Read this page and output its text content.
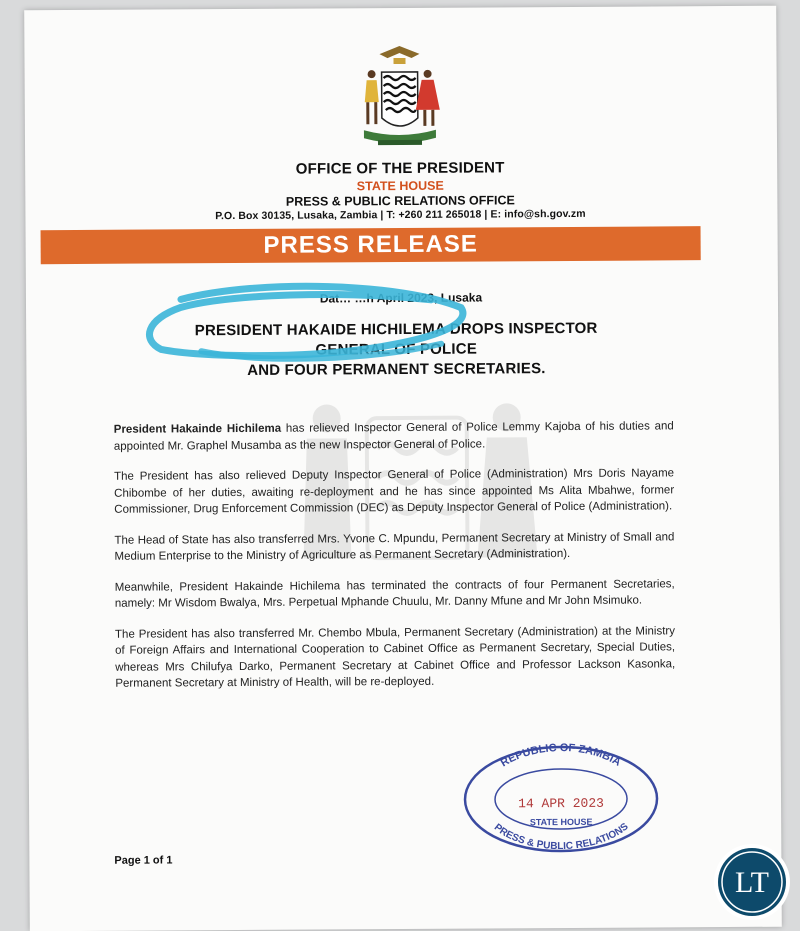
OFFICE OF THE PRESIDENT
STATE HOUSE
PRESS & PUBLIC RELATIONS OFFICE
P.O. Box 30135, Lusaka, Zambia | T: +260 211 265018 | E: info@sh.gov.zm
PRESS RELEASE
Dat… …h April 2023, Lusaka
PRESIDENT HAKAIDE HICHILEMA DROPS INSPECTOR
GENERAL OF POLICE
AND FOUR PERMANENT SECRETARIES.

President Hakainde Hichilema has relieved Inspector General of Police Lemmy Kajoba of his duties and appointed Mr. Graphel Musamba as the new Inspector General of Police.

The President has also relieved Deputy Inspector General of Police (Administration) Mrs Doris Nayame Chibombe of her duties, awaiting re-deployment and he has since appointed Ms Alita Mbahwe, former Commissioner, Drug Enforcement Commission (DEC) as Deputy Inspector General of Police (Administration).

The Head of State has also transferred Mrs. Yvone C. Mpundu, Permanent Secretary at Ministry of Small and Medium Enterprise to the Ministry of Agriculture as Permanent Secretary (Administration).

Meanwhile, President Hakainde Hichilema has terminated the contracts of four Permanent Secretaries, namely: Mr Wisdom Bwalya, Mrs. Perpetual Mphande Chuulu, Mr. Danny Mfune and Mr John Msimuko.

The President has also transferred Mr. Chembo Mbula, Permanent Secretary (Administration) at the Ministry of Foreign Affairs and International Cooperation to Cabinet Office as Permanent Secretary, Special Duties, whereas Mrs Chilufya Darko, Permanent Secretary at Cabinet Office and Professor Lackson Kasonka, Permanent Secretary at Ministry of Health, will be re-deployed.

Page 1 of 1
REPUBLIC OF ZAMBIA
14 APR 2023
STATE HOUSE
PRESS & PUBLIC RELATIONS
LT
